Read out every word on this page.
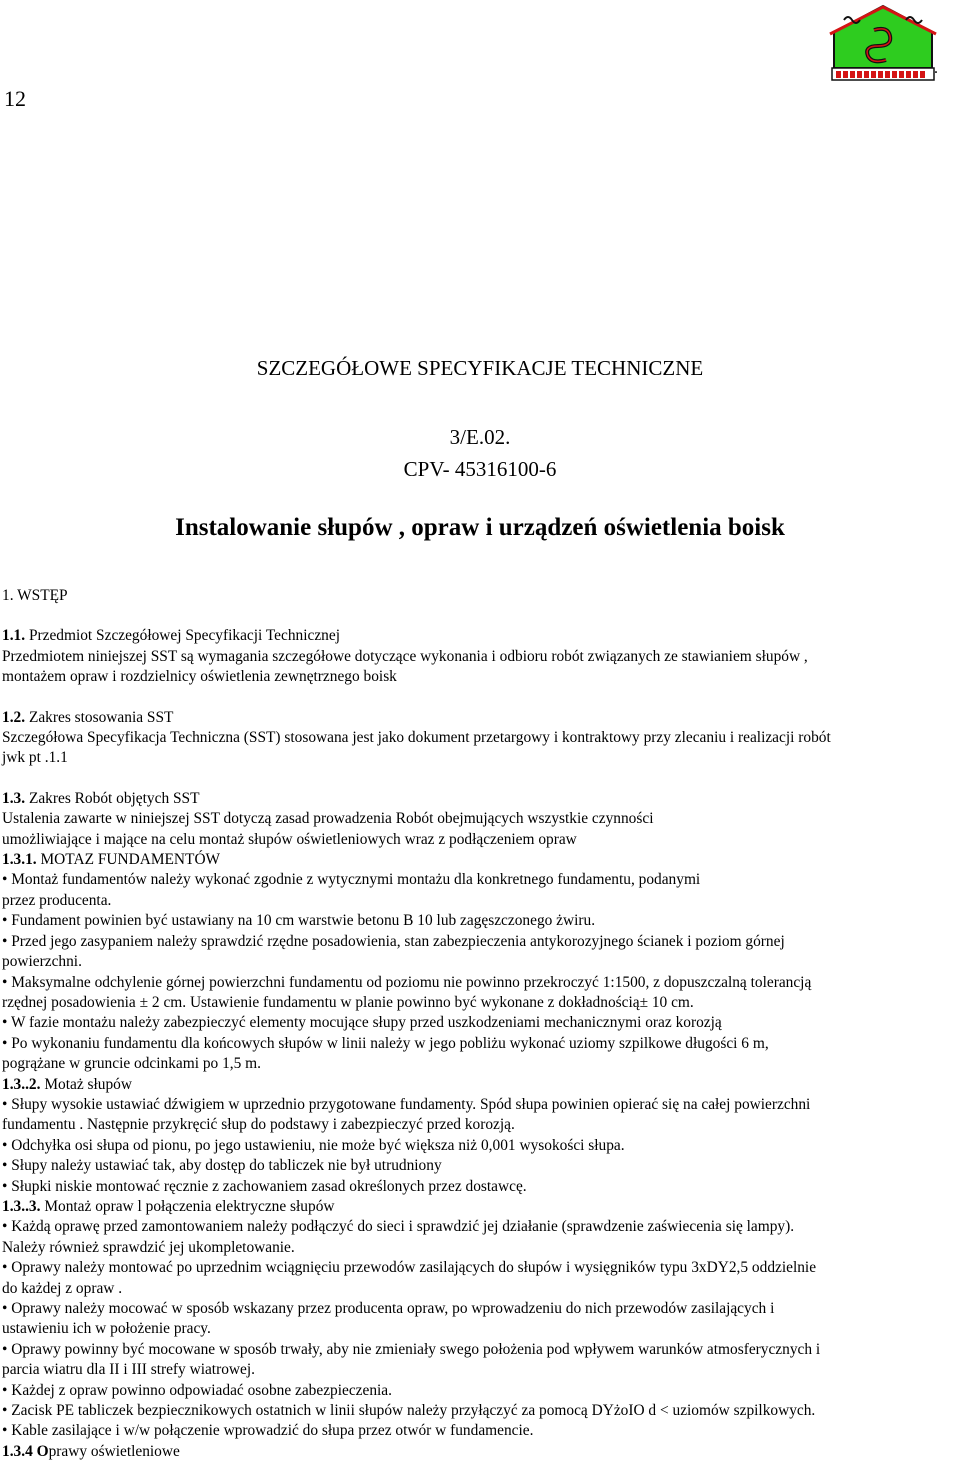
12
.
SZCZEGÓŁOWE SPECYFIKACJE TECHNICZNE
3/E.02.
CPV- 45316100-6
Instalowanie słupów , opraw i urządzeń oświetlenia boisk

1. WSTĘP

1.1. Przedmiot Szczegółowej Specyfikacji Technicznej

Przedmiotem niniejszej SST są wymagania szczegółowe dotyczące wykonania i odbioru robót związanych ze stawianiem słupów ,

montażem opraw i rozdzielnicy oświetlenia zewnętrznego boisk

1.2. Zakres stosowania SST

Szczegółowa Specyfikacja Techniczna (SST) stosowana jest jako dokument przetargowy i kontraktowy przy zlecaniu i realizacji robót

jwk pt .1.1

1.3. Zakres Robót objętych SST

Ustalenia zawarte w niniejszej SST dotyczą zasad prowadzenia Robót obejmujących wszystkie czynności

umożliwiające i mające na celu montaż słupów oświetleniowych wraz z podłączeniem opraw

1.3.1. MOTAZ FUNDAMENTÓW

• Montaż fundamentów należy wykonać zgodnie z wytycznymi montażu dla konkretnego fundamentu, podanymi

przez producenta.

• Fundament powinien być ustawiany na 10 cm warstwie betonu B 10 lub zagęszczonego żwiru.

• Przed jego zasypaniem należy sprawdzić rzędne posadowienia, stan zabezpieczenia antykorozyjnego ścianek i poziom górnej

powierzchni.

• Maksymalne odchylenie górnej powierzchni fundamentu od poziomu nie powinno przekroczyć 1:1500, z dopuszczalną tolerancją

rzędnej posadowienia ± 2 cm. Ustawienie fundamentu w planie powinno być wykonane z dokładnością± 10 cm.

• W fazie montażu należy zabezpieczyć elementy mocujące słupy przed uszkodzeniami mechanicznymi oraz korozją

• Po wykonaniu fundamentu dla końcowych słupów w linii należy w jego pobliżu wykonać uziomy szpilkowe długości 6 m,

pogrążane w gruncie odcinkami po 1,5 m.

1.3..2. Motaż słupów

• Słupy wysokie ustawiać dźwigiem w uprzednio przygotowane fundamenty. Spód słupa powinien opierać się na całej powierzchni

fundamentu . Następnie przykręcić słup do podstawy i zabezpieczyć przed korozją.

• Odchyłka osi słupa od pionu, po jego ustawieniu, nie może być większa niż 0,001 wysokości słupa.

• Słupy należy ustawiać tak, aby dostęp do tabliczek nie był utrudniony

• Słupki niskie montować ręcznie z zachowaniem zasad określonych przez dostawcę.

1.3..3. Montaż opraw l połączenia elektryczne słupów

• Każdą oprawę przed zamontowaniem należy podłączyć do sieci i sprawdzić jej działanie (sprawdzenie zaświecenia się lampy).

Należy również sprawdzić jej ukompletowanie.

• Oprawy należy montować po uprzednim wciągnięciu przewodów zasilających do słupów i wysięgników typu 3xDY2,5 oddzielnie

do każdej z opraw .

• Oprawy należy mocować w sposób wskazany przez producenta opraw, po wprowadzeniu do nich przewodów zasilających i

ustawieniu ich w położenie pracy.

• Oprawy powinny być mocowane w sposób trwały, aby nie zmieniały swego położenia pod wpływem warunków atmosferycznych i

parcia wiatru dla II i III strefy wiatrowej.

• Każdej z opraw powinno odpowiadać osobne zabezpieczenia.

• Zacisk PE tabliczek bezpiecznikowych ostatnich w linii słupów należy przyłączyć za pomocą DYżoIO d < uziomów szpilkowych.

• Kable zasilające i w/w połączenie wprowadzić do słupa przez otwór w fundamencie.

1.3.4 Oprawy oświetleniowe
